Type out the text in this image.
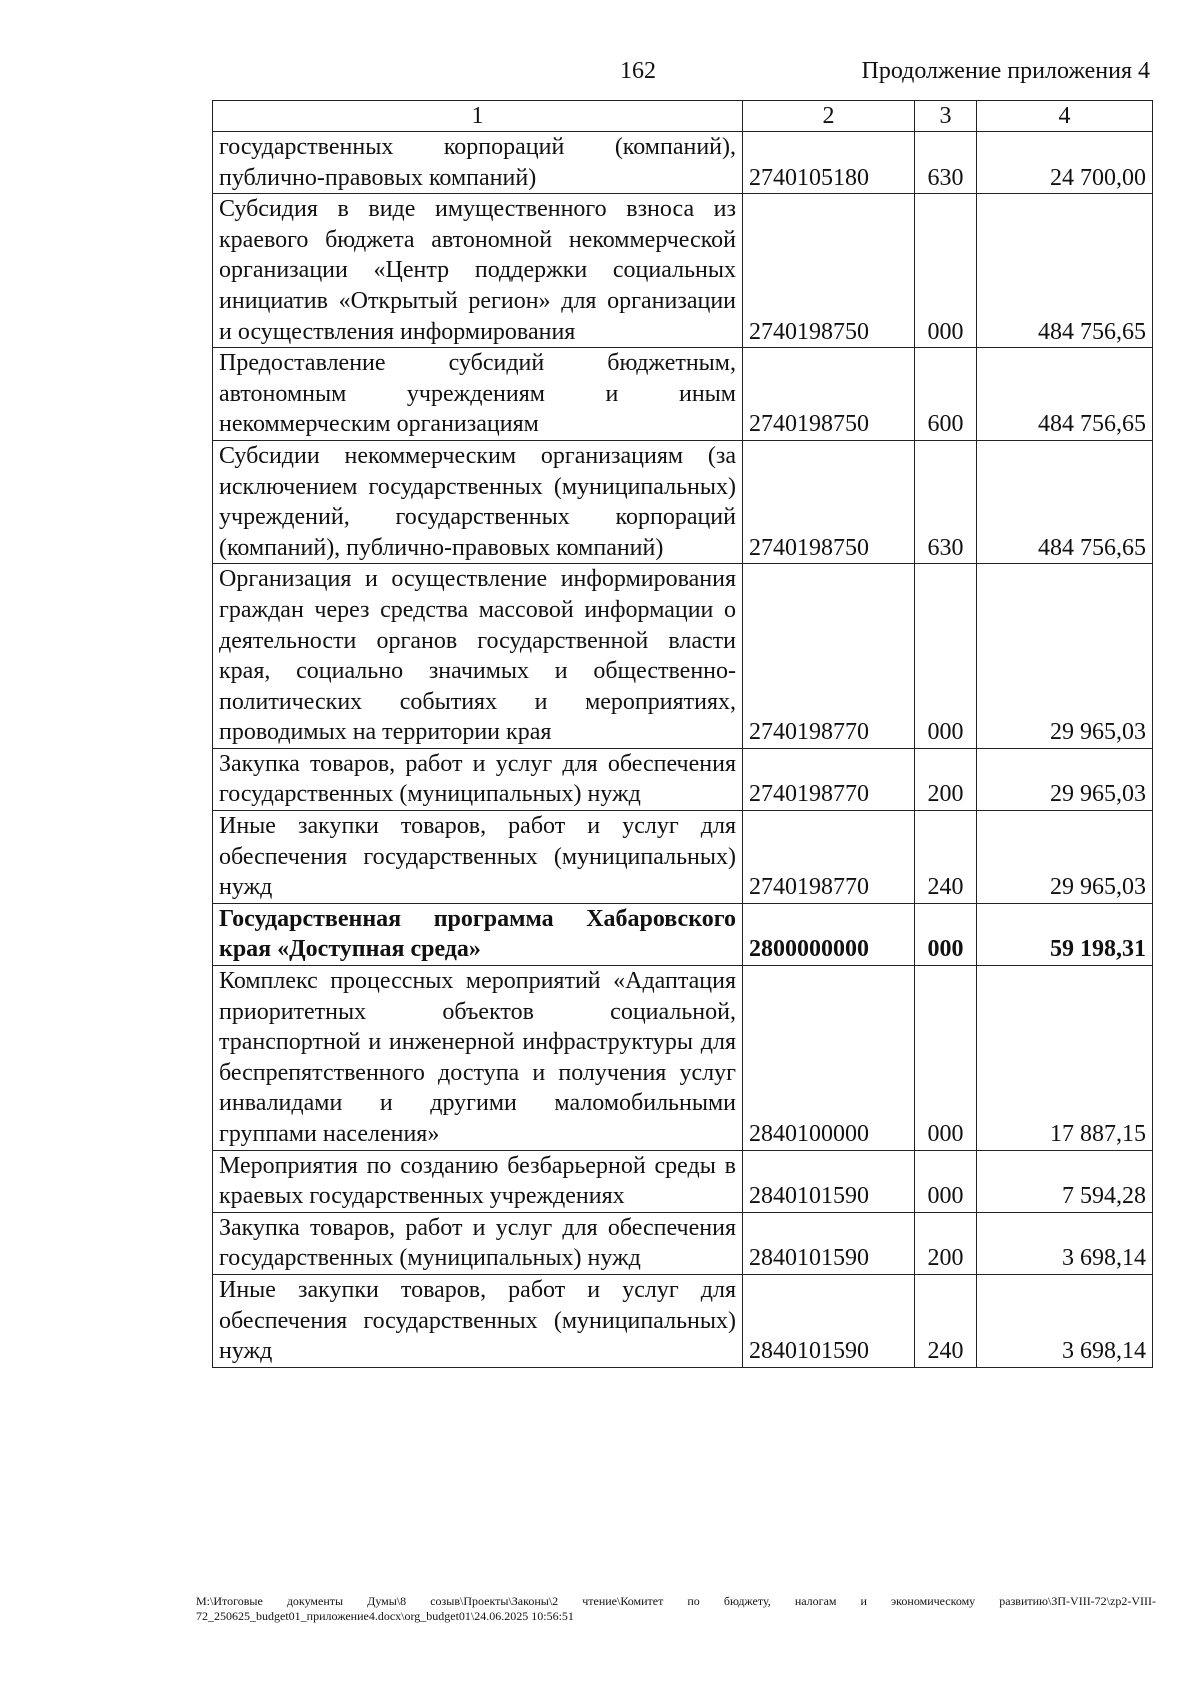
162	Продолжение приложения 4
1	2	3	4
государственных корпораций (компаний), публично-правовых компаний)	2740105180	630	24 700,00
Субсидия в виде имущественного взноса из краевого бюджета автономной некоммерческой организации «Центр поддержки социальных инициатив «Открытый регион» для организации и осуществления информирования	2740198750	000	484 756,65
Предоставление субсидий бюджетным, автономным учреждениям и иным некоммерческим организациям	2740198750	600	484 756,65
Субсидии некоммерческим организациям (за исключением государственных (муниципальных) учреждений, государственных корпораций (компаний), публично-правовых компаний)	2740198750	630	484 756,65
Организация и осуществление информирования граждан через средства массовой информации о деятельности органов государственной власти края, социально значимых и общественно-политических событиях и мероприятиях, проводимых на территории края	2740198770	000	29 965,03
Закупка товаров, работ и услуг для обеспечения государственных (муниципальных) нужд	2740198770	200	29 965,03
Иные закупки товаров, работ и услуг для обеспечения государственных (муниципальных) нужд	2740198770	240	29 965,03
Государственная программа Хабаровского края «Доступная среда»	2800000000	000	59 198,31
Комплекс процессных мероприятий «Адаптация приоритетных объектов социальной, транспортной и инженерной инфраструктуры для беспрепятственного доступа и получения услуг инвалидами и другими маломобильными группами населения»	2840100000	000	17 887,15
Мероприятия по созданию безбарьерной среды в краевых государственных учреждениях	2840101590	000	7 594,28
Закупка товаров, работ и услуг для обеспечения государственных (муниципальных) нужд	2840101590	200	3 698,14
Иные закупки товаров, работ и услуг для обеспечения государственных (муниципальных) нужд	2840101590	240	3 698,14
М:\Итоговые документы Думы\8 созыв\Проекты\Законы\2 чтение\Комитет по бюджету, налогам и экономическому развитию\ЗП-VIII-72\zp2-VIII-72_250625_budget01_приложение4.docx\org_budget01\24.06.2025 10:56:51
